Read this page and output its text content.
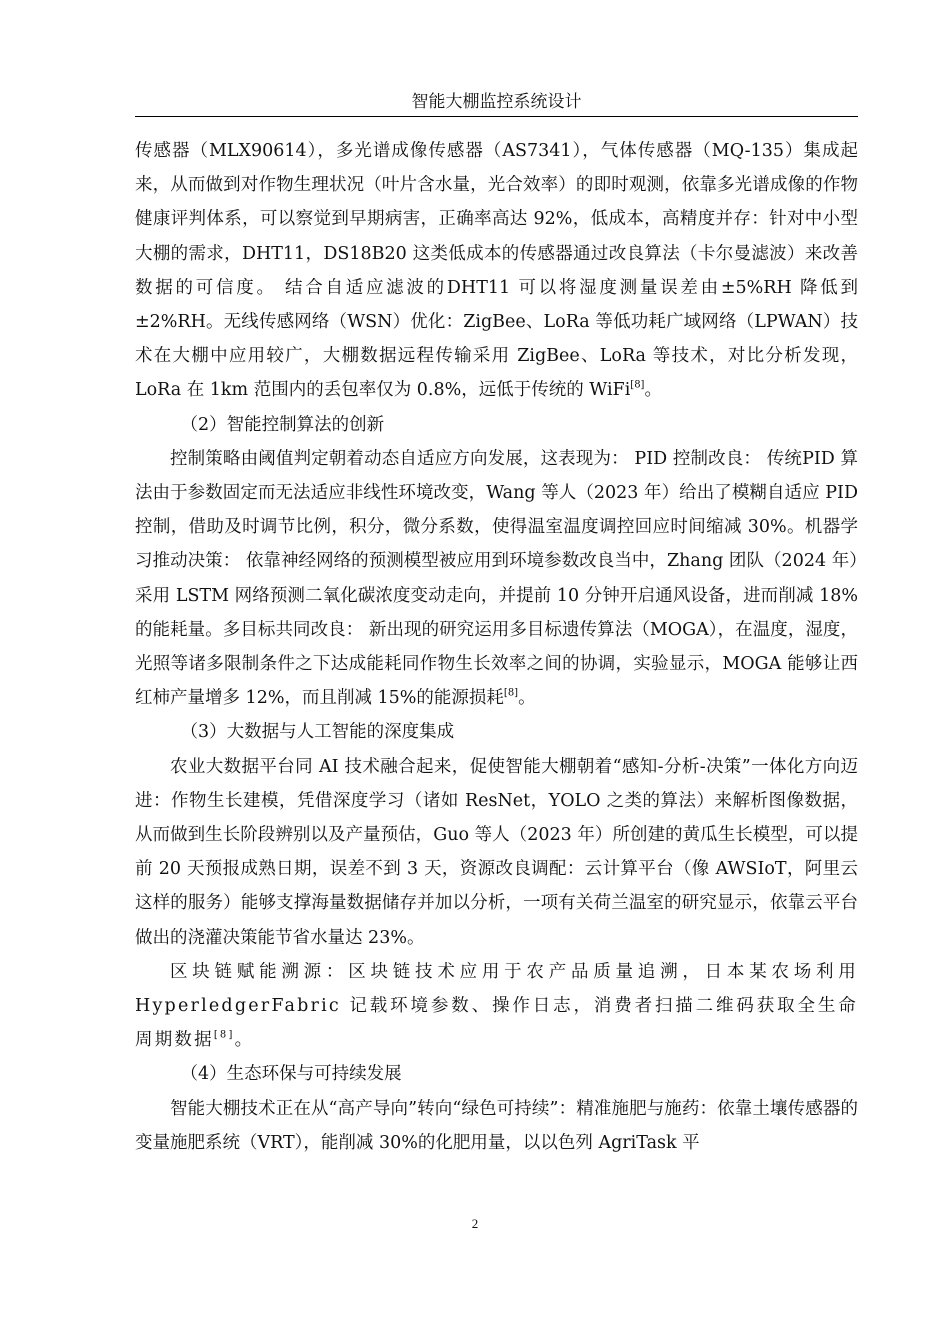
智能大棚监控系统设计

传感器（MLX90614），多光谱成像传感器（AS7341），气体传感器（MQ-135）集成起来，从而做到对作物生理状况（叶片含水量，光合效率）的即时观测，依靠多光谱成像的作物健康评判体系，可以察觉到早期病害，正确率高达 92%，低成本，高精度并存：针对中小型大棚的需求，DHT11，DS18B20 这类低成本的传感器通过改良算法（卡尔曼滤波）来改善数据的可信度。 结合自适应滤波的DHT11 可以将湿度测量误差由±5%RH 降低到±2%RH。无线传感网络（WSN）优化：ZigBee、LoRa 等低功耗广域网络（LPWAN）技术在大棚中应用较广，大棚数据远程传输采用 ZigBee、LoRa 等技术，对比分析发现，LoRa 在 1km 范围内的丢包率仅为 0.8%，远低于传统的 WiFi[8]。

（2）智能控制算法的创新

控制策略由阈值判定朝着动态自适应方向发展，这表现为： PID 控制改良： 传统PID 算法由于参数固定而无法适应非线性环境改变，Wang 等人（2023 年）给出了模糊自适应 PID 控制，借助及时调节比例，积分，微分系数，使得温室温度调控回应时间缩减 30%。机器学习推动决策： 依靠神经网络的预测模型被应用到环境参数改良当中，Zhang 团队（2024 年）采用 LSTM 网络预测二氧化碳浓度变动走向，并提前 10 分钟开启通风设备，进而削减 18%的能耗量。多目标共同改良： 新出现的研究运用多目标遗传算法（MOGA），在温度，湿度，光照等诸多限制条件之下达成能耗同作物生长效率之间的协调，实验显示，MOGA 能够让西红柿产量增多 12%，而且削减 15%的能源损耗[8]。

（3）大数据与人工智能的深度集成

农业大数据平台同 AI 技术融合起来，促使智能大棚朝着“感知-分析-决策”一体化方向迈进：作物生长建模，凭借深度学习（诸如 ResNet，YOLO 之类的算法）来解析图像数据，从而做到生长阶段辨别以及产量预估，Guo 等人（2023 年）所创建的黄瓜生长模型，可以提前 20 天预报成熟日期，误差不到 3 天，资源改良调配：云计算平台（像 AWSIoT，阿里云这样的服务）能够支撑海量数据储存并加以分析，一项有关荷兰温室的研究显示，依靠云平台做出的浇灌决策能节省水量达 23%。

区块链赋能溯源：区块链技术应用于农产品质量追溯，日本某农场利用HyperledgerFabric 记载环境参数、操作日志，消费者扫描二维码获取全生命周期数据[8]。

（4）生态环保与可持续发展

智能大棚技术正在从“高产导向”转向“绿色可持续”：精准施肥与施药：依靠土壤传感器的变量施肥系统（VRT），能削减 30%的化肥用量，以以色列 AgriTask 平

2
